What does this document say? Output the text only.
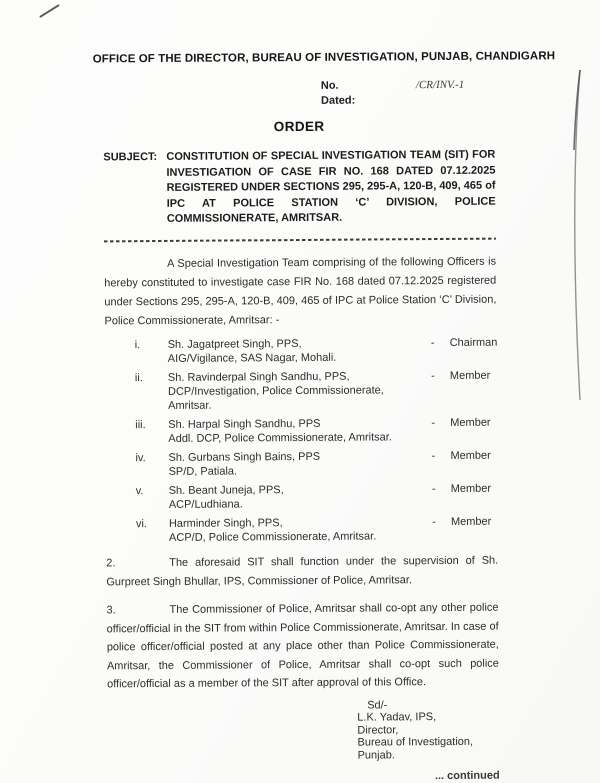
OFFICE OF THE DIRECTOR, BUREAU OF INVESTIGATION, PUNJAB, CHANDIGARH
No.	/CR/INV.-1
Dated:
ORDER
SUBJECT: CONSTITUTION OF SPECIAL INVESTIGATION TEAM (SIT) FOR INVESTIGATION OF CASE FIR NO. 168 DATED 07.12.2025 REGISTERED UNDER SECTIONS 295, 295-A, 120-B, 409, 465 of IPC AT POLICE STATION ‘C’ DIVISION, POLICE COMMISSIONERATE, AMRITSAR.
A Special Investigation Team comprising of the following Officers is hereby constituted to investigate case FIR No. 168 dated 07.12.2025 registered under Sections 295, 295-A, 120-B, 409, 465 of IPC at Police Station ‘C’ Division, Police Commissionerate, Amritsar: -
i.	Sh. Jagatpreet Singh, PPS,
AIG/Vigilance, SAS Nagar, Mohali.
-	Chairman
ii.	Sh. Ravinderpal Singh Sandhu, PPS,
DCP/Investigation, Police Commissionerate, Amritsar.
-	Member
iii.	Sh. Harpal Singh Sandhu, PPS
Addl. DCP, Police Commissionerate, Amritsar.
-	Member
iv.	Sh. Gurbans Singh Bains, PPS
SP/D, Patiala.
-	Member
v.	Sh. Beant Juneja, PPS,
ACP/Ludhiana.
-	Member
vi.	Harminder Singh, PPS,
ACP/D, Police Commissionerate, Amritsar.
-	Member
2.	The aforesaid SIT shall function under the supervision of Sh. Gurpreet Singh Bhullar, IPS, Commissioner of Police, Amritsar.
3.	The Commissioner of Police, Amritsar shall co-opt any other police officer/official in the SIT from within Police Commissionerate, Amritsar. In case of police officer/official posted at any place other than Police Commissionerate, Amritsar, the Commissioner of Police, Amritsar shall co-opt such police officer/official as a member of the SIT after approval of this Office.
Sd/-
L.K. Yadav, IPS,
Director,
Bureau of Investigation,
Punjab.
... continued
